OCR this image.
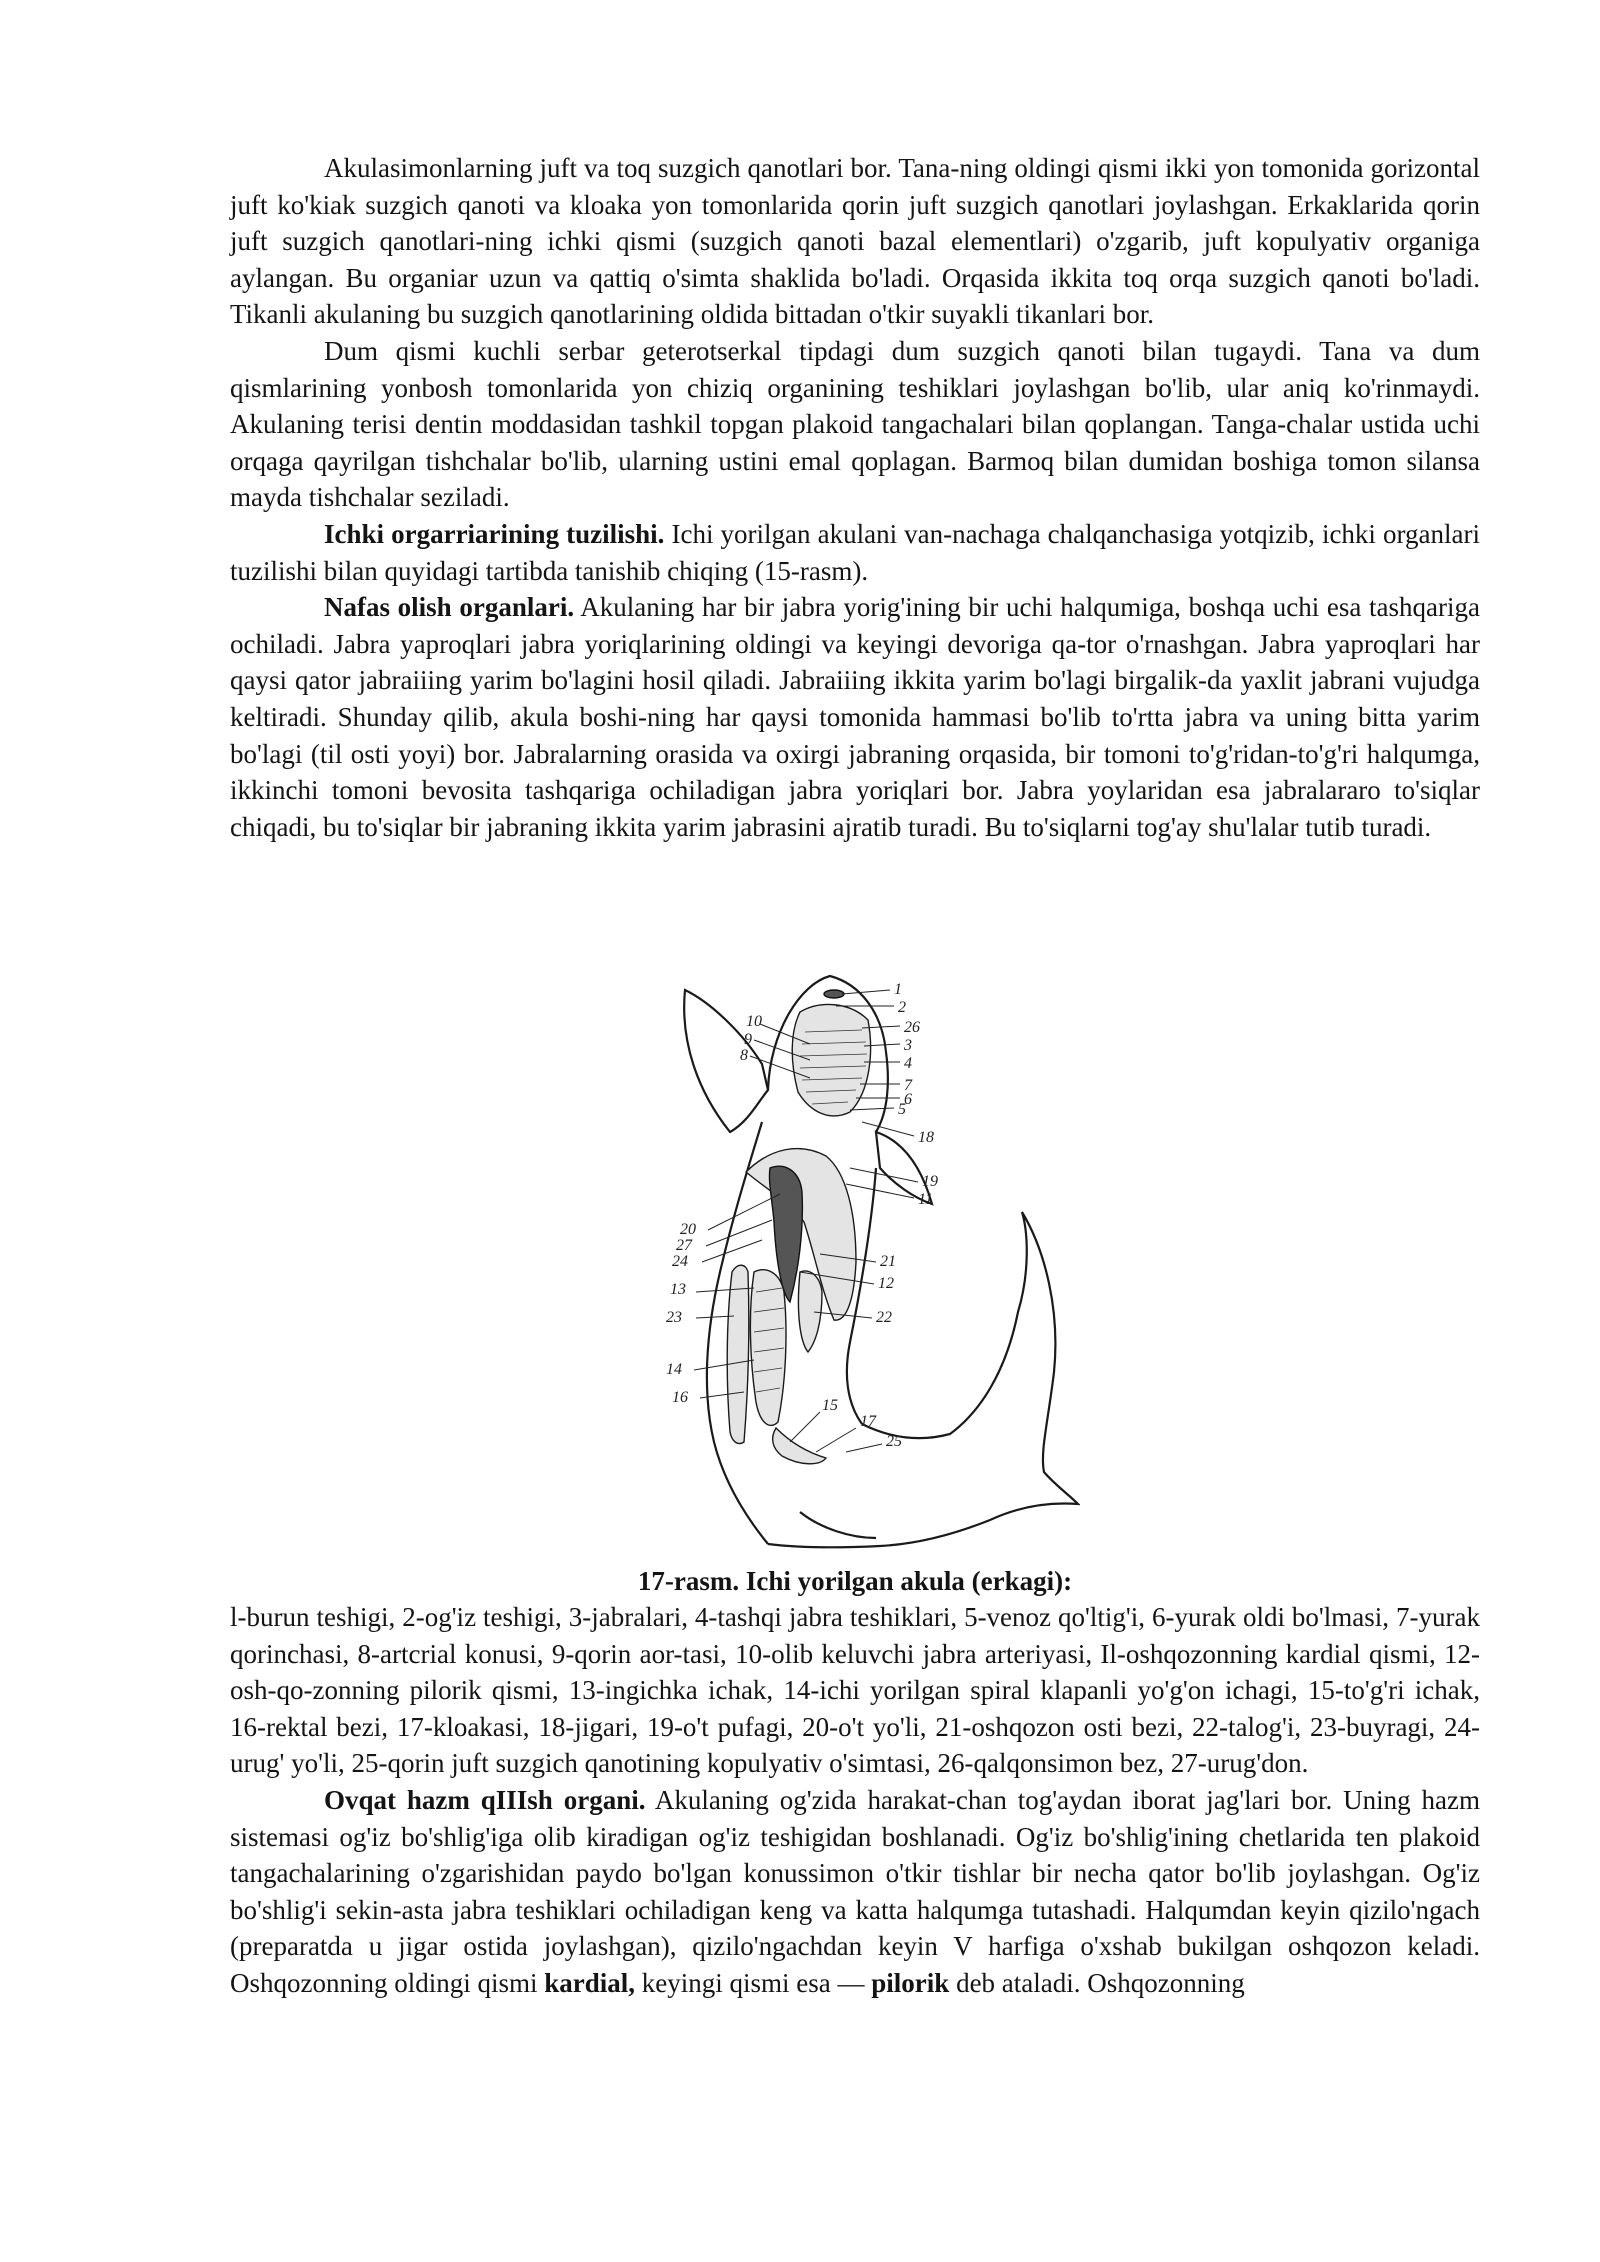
Akulasimonlarning juft va toq suzgich qanotlari bor. Tana-ning oldingi qismi ikki yon tomonida gorizontal juft ko'kiak suzgich qanoti va kloaka yon tomonlarida qorin juft suzgich qanotlari joylashgan. Erkaklarida qorin juft suzgich qanotlari-ning ichki qismi (suzgich qanoti bazal elementlari) o'zgarib, juft kopulyativ organiga aylangan. Bu organiar uzun va qattiq o'simta shaklida bo'ladi. Orqasida ikkita toq orqa suzgich qanoti bo'ladi. Tikanli akulaning bu suzgich qanotlarining oldida bittadan o'tkir suyakli tikanlari bor.

Dum qismi kuchli serbar geterotserkal tipdagi dum suzgich qanoti bilan tugaydi. Tana va dum qismlarining yonbosh tomonlarida yon chiziq organining teshiklari joylashgan bo'lib, ular aniq ko'rinmaydi. Akulaning terisi dentin moddasidan tashkil topgan plakoid tangachalari bilan qoplangan. Tanga-chalar ustida uchi orqaga qayrilgan tishchalar bo'lib, ularning ustini emal qoplagan. Barmoq bilan dumidan boshiga tomon silansa mayda tishchalar seziladi.

Ichki orgarriarining tuzilishi. Ichi yorilgan akulani van-nachaga chalqanchasiga yotqizib, ichki organlari tuzilishi bilan quyidagi tartibda tanishib chiqing (15-rasm).

Nafas olish organlari. Akulaning har bir jabra yorig'ining bir uchi halqumiga, boshqa uchi esa tashqariga ochiladi. Jabra yaproqlari jabra yoriqlarining oldingi va keyingi devoriga qa-tor o'rnashgan. Jabra yaproqlari har qaysi qator jabraiiing yarim bo'lagini hosil qiladi. Jabraiiing ikkita yarim bo'lagi birgalik-da yaxlit jabrani vujudga keltiradi. Shunday qilib, akula boshi-ning har qaysi tomonida hammasi bo'lib to'rtta jabra va uning bitta yarim bo'lagi (til osti yoyi) bor. Jabralarning orasida va oxirgi jabraning orqasida, bir tomoni to'g'ridan-to'g'ri halqumga, ikkinchi tomoni bevosita tashqariga ochiladigan jabra yoriqlari bor. Jabra yoylaridan esa jabralararo to'siqlar chiqadi, bu to'siqlar bir jabraning ikkita yarim jabrasini ajratib turadi. Bu to'siqlarni tog'ay shu'lalar tutib turadi.

1
2
26
3
4
7
6
5
18
10
9
8
19
11
20
27
24
13
23
21
12
22
14
16	15
17
25
17-rasm. Ichi yorilgan akula (erkagi):

l-burun teshigi, 2-og'iz teshigi, 3-jabralari, 4-tashqi jabra teshiklari, 5-venoz qo'ltig'i, 6-yurak oldi bo'lmasi, 7-yurak qorinchasi, 8-artcrial konusi, 9-qorin aor-tasi, 10-olib keluvchi jabra arteriyasi, Il-oshqozonning kardial qismi, 12-osh-qo-zonning pilorik qismi, 13-ingichka ichak, 14-ichi yorilgan spiral klapanli yo'g'on ichagi, 15-to'g'ri ichak, 16-rektal bezi, 17-kloakasi, 18-jigari, 19-o't pufagi, 20-o't yo'li, 21-oshqozon osti bezi, 22-talog'i, 23-buyragi, 24-urug' yo'li, 25-qorin juft suzgich qanotining kopulyativ o'simtasi, 26-qalqonsimon bez, 27-urug'don.

Ovqat hazm qIIIsh organi. Akulaning og'zida harakat-chan tog'aydan iborat jag'lari bor. Uning hazm sistemasi og'iz bo'shlig'iga olib kiradigan og'iz teshigidan boshlanadi. Og'iz bo'shlig'ining chetlarida ten plakoid tangachalarining o'zgarishidan paydo bo'lgan konussimon o'tkir tishlar bir necha qator bo'lib joylashgan. Og'iz bo'shlig'i sekin-asta jabra teshiklari ochiladigan keng va katta halqumga tutashadi. Halqumdan keyin qizilo'ngach (preparatda u jigar ostida joylashgan), qizilo'ngachdan keyin V harfiga o'xshab bukilgan oshqozon keladi. Oshqozonning oldingi qismi kardial, keyingi qismi esa — pilorik deb ataladi. Oshqozonning
